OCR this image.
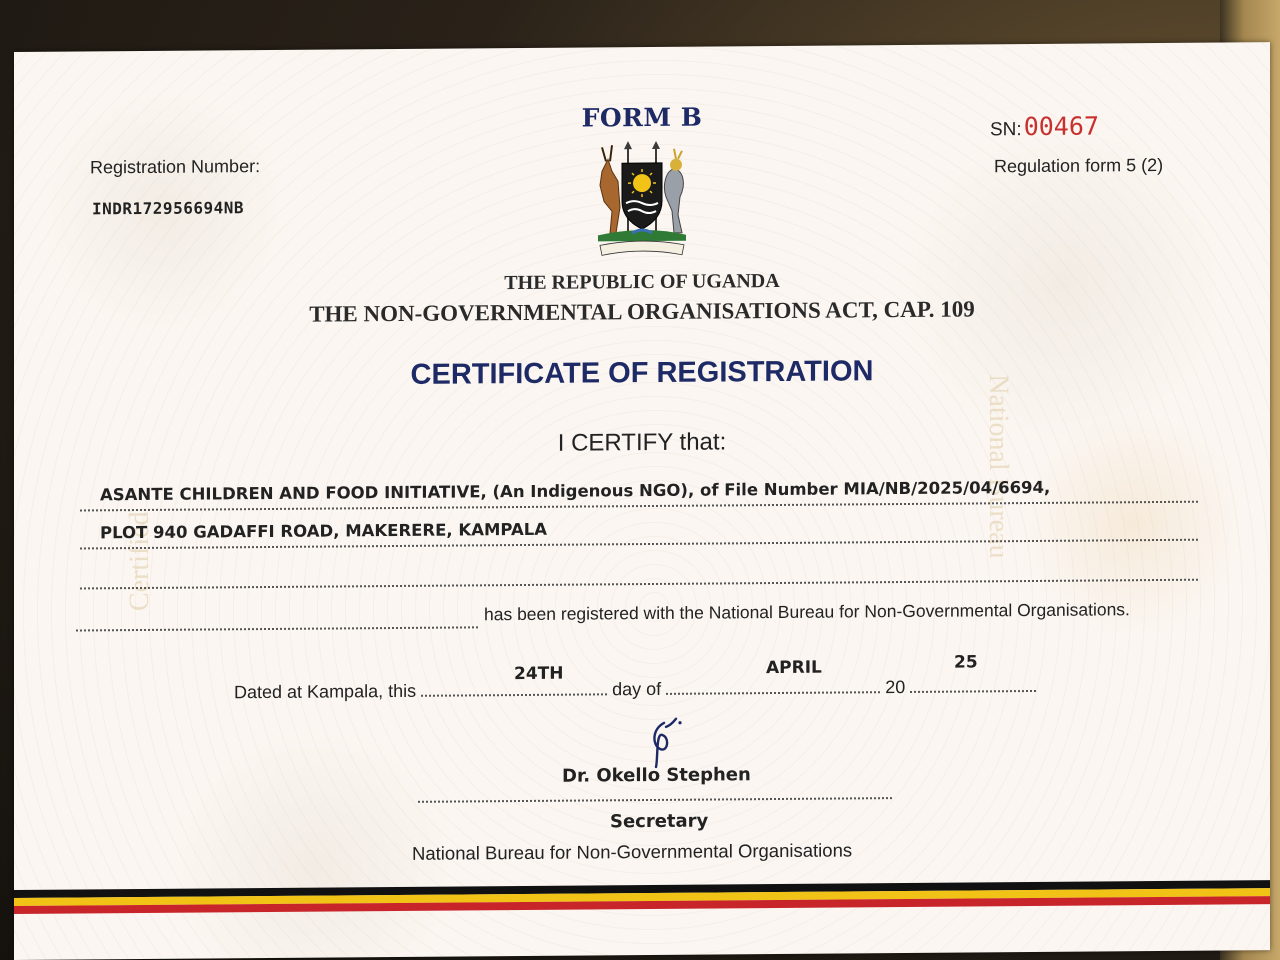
National Bureau
Certified
FORM B	SN:00467
Regulation form 5 (2)
Registration Number:
INDR172956694NB
THE REPUBLIC OF UGANDA
THE NON-GOVERNMENTAL ORGANISATIONS ACT, CAP. 109
CERTIFICATE OF REGISTRATION
I CERTIFY that:
ASANTE CHILDREN AND FOOD INITIATIVE, (An Indigenous NGO), of File Number MIA/NB/2025/04/6694,
PLOT 940 GADAFFI ROAD, MAKERERE, KAMPALA
has been registered with the National Bureau for Non-Governmental Organisations.
Dated at Kampala, this	day of	20
24TH	APRIL	25
Dr. Okello Stephen
Secretary
National Bureau for Non-Governmental Organisations
